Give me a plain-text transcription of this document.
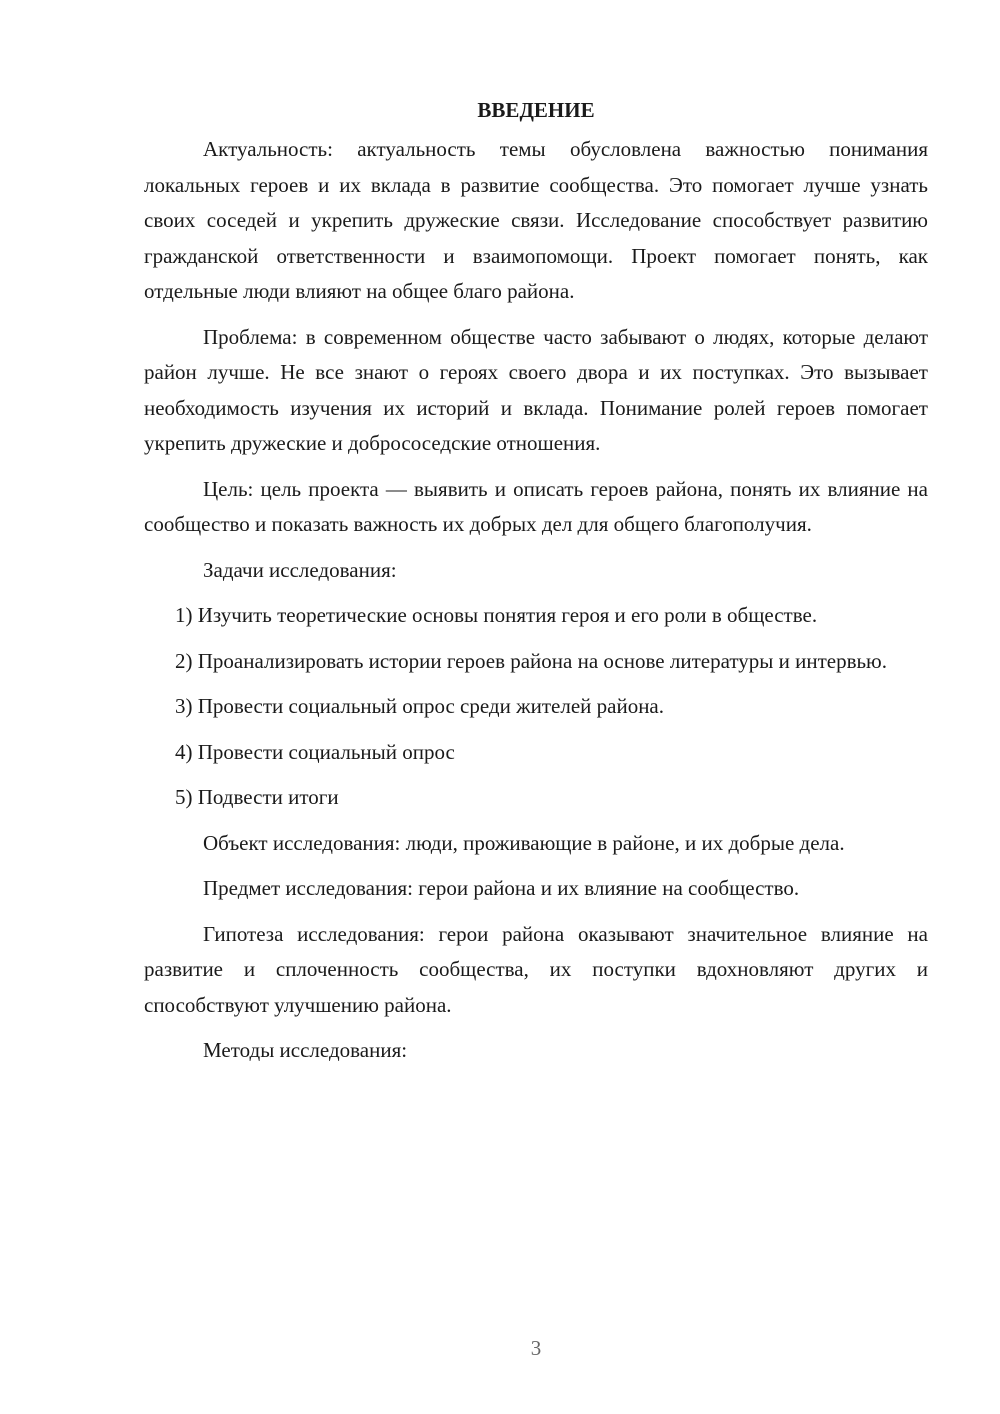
ВВЕДЕНИЕ

Актуальность: актуальность темы обусловлена важностью понимания локальных героев и их вклада в развитие сообщества. Это помогает лучше узнать своих соседей и укрепить дружеские связи. Исследование способствует развитию гражданской ответственности и взаимопомощи. Проект помогает понять, как отдельные люди влияют на общее благо района.

Проблема: в современном обществе часто забывают о людях, которые делают район лучше. Не все знают о героях своего двора и их поступках. Это вызывает необходимость изучения их историй и вклада. Понимание ролей героев помогает укрепить дружеские и добрососедские отношения.

Цель: цель проекта — выявить и описать героев района, понять их влияние на сообщество и показать важность их добрых дел для общего благополучия.

Задачи исследования:

1) Изучить теоретические основы понятия героя и его роли в обществе.

2) Проанализировать истории героев района на основе литературы и интервью.

3) Провести социальный опрос среди жителей района.

4) Провести социальный опрос

5) Подвести итоги

Объект исследования: люди, проживающие в районе, и их добрые дела.

Предмет исследования: герои района и их влияние на сообщество.

Гипотеза исследования: герои района оказывают значительное влияние на развитие и сплоченность сообщества, их поступки вдохновляют других и способствуют улучшению района.

Методы исследования:

3
